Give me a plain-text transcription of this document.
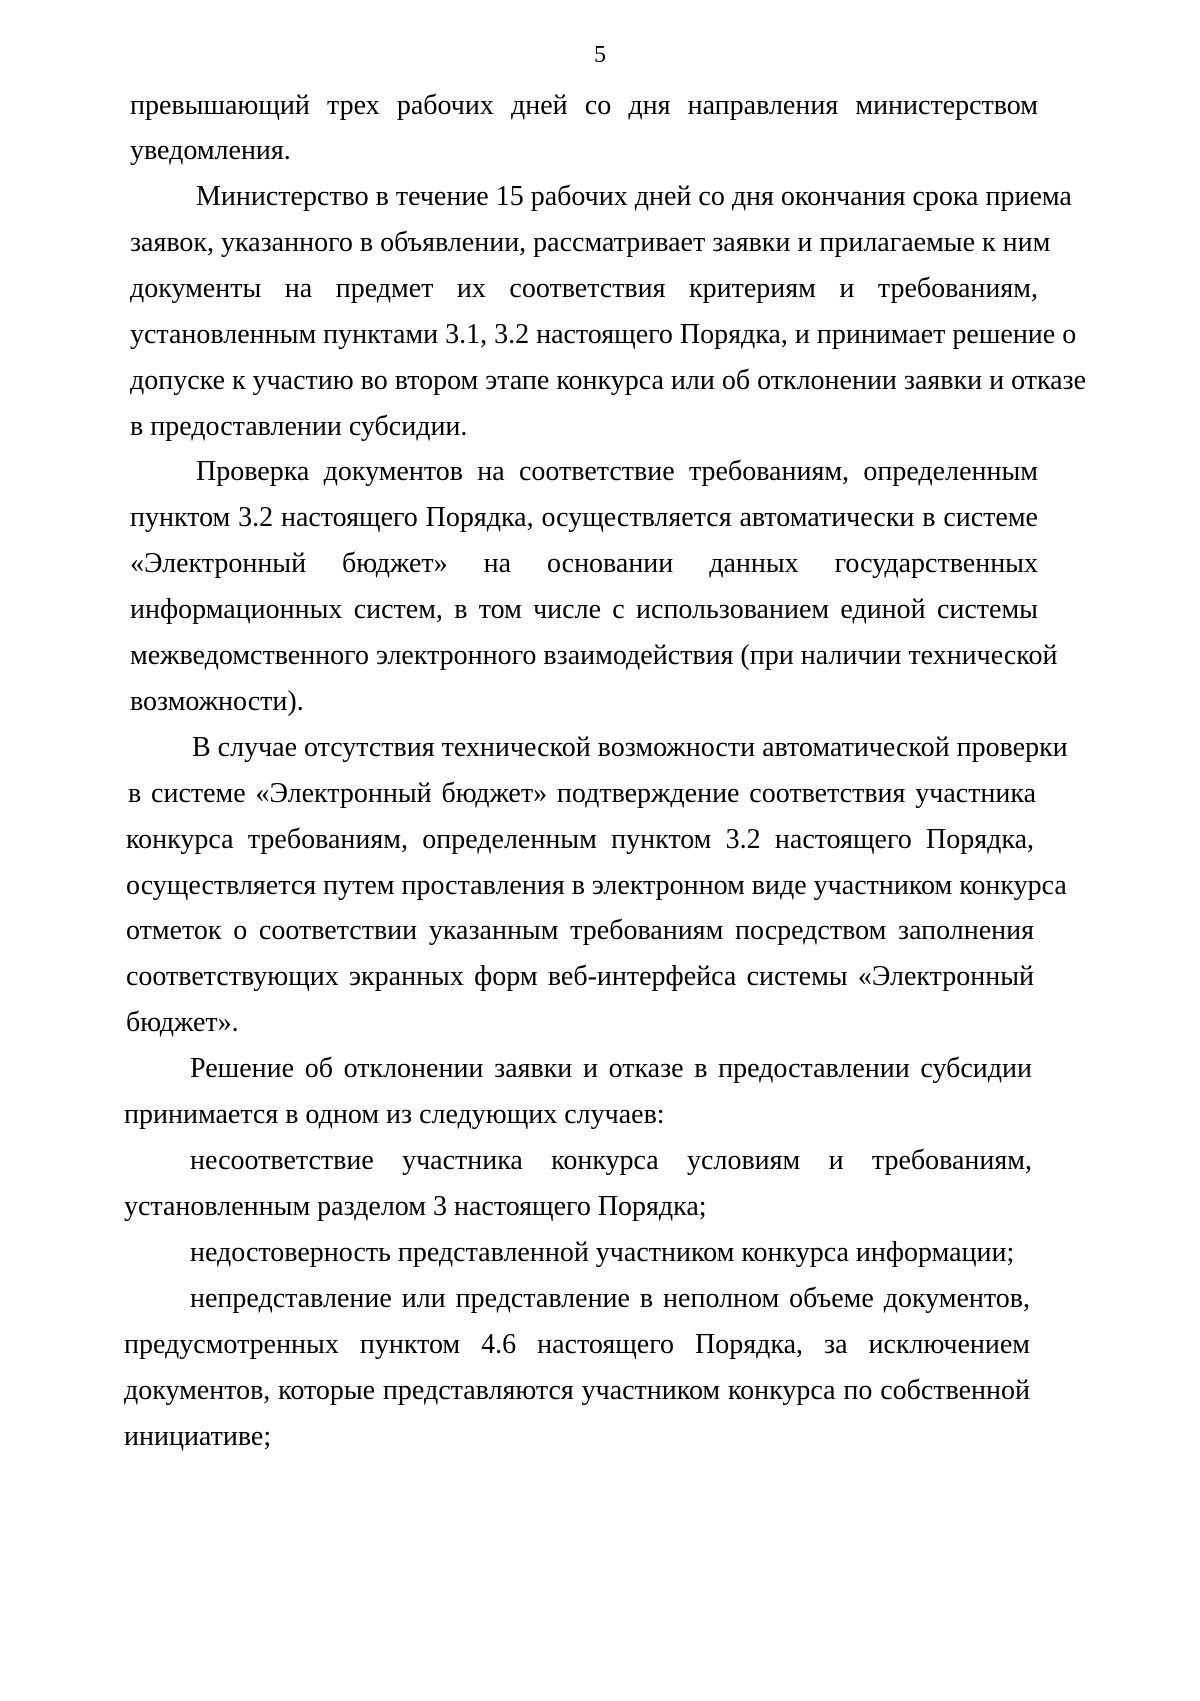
5
превышающий трех рабочих дней со дня направления министерством
уведомления.
Министерство в течение 15 рабочих дней со дня окончания срока приема
заявок, указанного в объявлении, рассматривает заявки и прилагаемые к ним
документы на предмет их соответствия критериям и требованиям,
установленным пунктами 3.1, 3.2 настоящего Порядка, и принимает решение о
допуске к участию во втором этапе конкурса или об отклонении заявки и отказе
в предоставлении субсидии.
Проверка документов на соответствие требованиям, определенным
пунктом 3.2 настоящего Порядка, осуществляется автоматически в системе
«Электронный бюджет» на основании данных государственных
информационных систем, в том числе с использованием единой системы
межведомственного электронного взаимодействия (при наличии технической
возможности).
В случае отсутствия технической возможности автоматической проверки
в системе «Электронный бюджет» подтверждение соответствия участника
конкурса требованиям, определенным пунктом 3.2 настоящего Порядка,
осуществляется путем проставления в электронном виде участником конкурса
отметок о соответствии указанным требованиям посредством заполнения
соответствующих экранных форм веб-интерфейса системы «Электронный
бюджет».
Решение об отклонении заявки и отказе в предоставлении субсидии
принимается в одном из следующих случаев:
несоответствие участника конкурса условиям и требованиям,
установленным разделом 3 настоящего Порядка;
недостоверность представленной участником конкурса информации;
непредставление или представление в неполном объеме документов,
предусмотренных пунктом 4.6 настоящего Порядка, за исключением
документов, которые представляются участником конкурса по собственной
инициативе;
